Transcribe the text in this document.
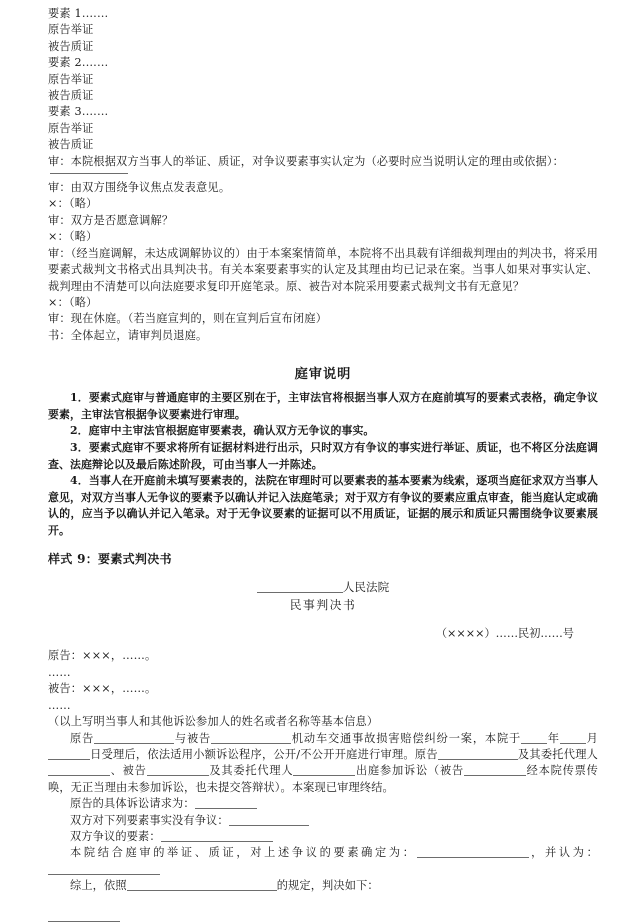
要素 1.……

原告举证

被告质证

要素 2.……

原告举证

被告质证

要素 3.……

原告举证

被告质证

审：本院根据双方当事人的举证、质证，对争议要素事实认定为（必要时应当说明认定的理由或依据）：

审：由双方围绕争议焦点发表意见。

×：（略）

审：双方是否愿意调解？

×：（略）

审：（经当庭调解，未达成调解协议的）由于本案案情简单，本院将不出具载有详细裁判理由的判决书，将采用要素式裁判文书格式出具判决书。有关本案要素事实的认定及其理由均已记录在案。当事人如果对事实认定、裁判理由不清楚可以向法庭要求复印开庭笔录。原、被告对本院采用要素式裁判文书有无意见？

×：（略）

审：现在休庭。（若当庭宣判的，则在宣判后宣布闭庭）

书：全体起立，请审判员退庭。

庭审说明

1．要素式庭审与普通庭审的主要区别在于，主审法官将根据当事人双方在庭前填写的要素式表格，确定争议要素，主审法官根据争议要素进行审理。

2．庭审中主审法官根据庭审要素表，确认双方无争议的事实。

3．要素式庭审不要求将所有证据材料进行出示，只时双方有争议的事实进行举证、质证，也不将区分法庭调查、法庭辩论以及最后陈述阶段，可由当事人一并陈述。

4．当事人在开庭前未填写要素表的，法院在审理时可以要素表的基本要素为线索，逐项当庭征求双方当事人意见，对双方当事人无争议的要素予以确认并记入法庭笔录；对于双方有争议的要素应重点审查，能当庭认定或确认的，应当予以确认并记入笔录。对于无争议要素的证据可以不用质证，证据的展示和质证只需围绕争议要素展开。

样式 9：要素式判决书

人民法院

民事判决书

（××××）……民初……号

原告：×××，……。

……

被告：×××，……。

……

（以上写明当事人和其他诉讼参加人的姓名或者名称等基本信息）

原告	与被告	机动车交通事故损害赔偿纠纷一案，本院于 年 月日受理后，依法适用小额诉讼程序，公开/不公开开庭进行审理。原告	及其委托代理人、被告	及其委托代理人	出庭参加诉讼（被告	经本院传票传唤，无正当理由未参加诉讼，也未提交答辩状）。本案现已审理终结。

原告的具体诉讼请求为：

双方对下列要素事实没有争议：

双方争议的要素：

本院结合庭审的举证、质证，对上述争议的要素确定为：	，并认为：

综上，依照	的规定，判决如下：
